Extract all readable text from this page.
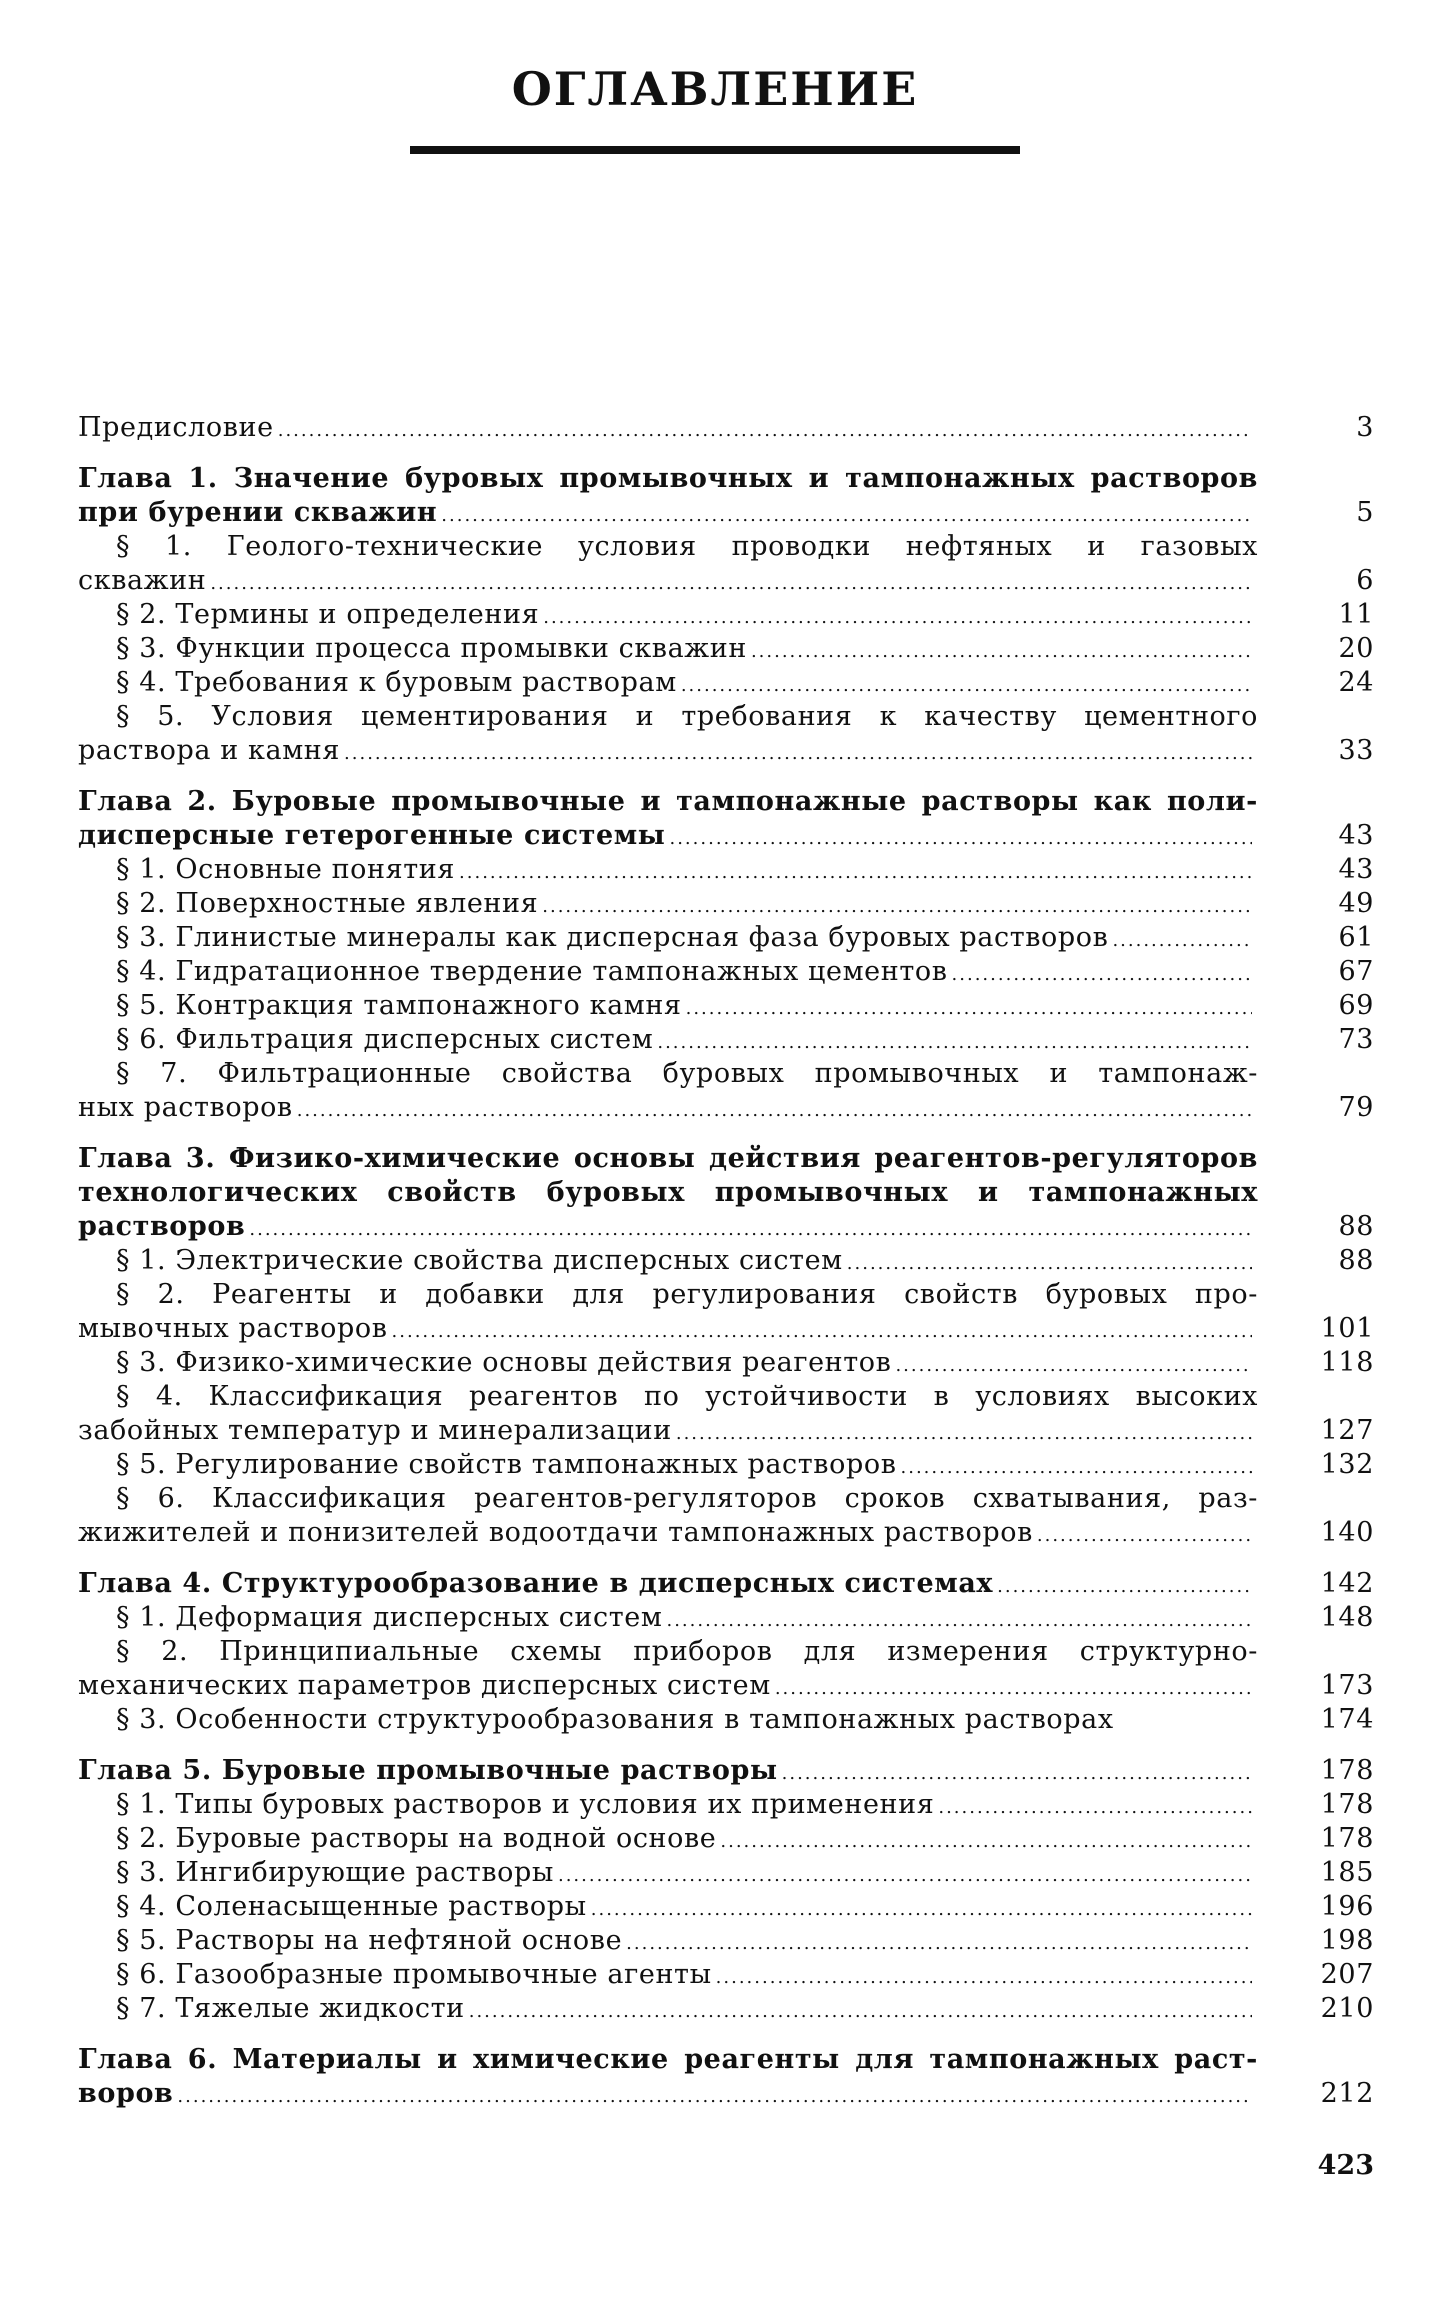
ОГЛАВЛЕНИЕ
Предисловие .....	3
Глава 1. Значение буровых промывочных и тампонажных растворов
при бурении скважин .....	5
§ 1. Геолого-технические условия проводки нефтяных и газовых
скважин .....	6
§ 2. Термины и определения .....	11
§ 3. Функции процесса промывки скважин .....	20
§ 4. Требования к буровым растворам .....	24
§ 5. Условия цементирования и требования к качеству цементного
раствора и камня .....	33
Глава 2. Буровые промывочные и тампонажные растворы как поли-
дисперсные гетерогенные системы .....	43
§ 1. Основные понятия .....	43
§ 2. Поверхностные явления .....	49
§ 3. Глинистые минералы как дисперсная фаза буровых растворов .....	61
§ 4. Гидратационное твердение тампонажных цементов .....	67
§ 5. Контракция тампонажного камня .....	69
§ 6. Фильтрация дисперсных систем .....	73
§ 7. Фильтрационные свойства буровых промывочных и тампонаж-
ных растворов .....	79
Глава 3. Физико-химические основы действия реагентов-регуляторов
технологических свойств буровых промывочных и тампонажных
растворов .....	88
§ 1. Электрические свойства дисперсных систем .....	88
§ 2. Реагенты и добавки для регулирования свойств буровых про-
мывочных растворов .....	101
§ 3. Физико-химические основы действия реагентов .....	118
§ 4. Классификация реагентов по устойчивости в условиях высоких
забойных температур и минерализации .....	127
§ 5. Регулирование свойств тампонажных растворов .....	132
§ 6. Классификация реагентов-регуляторов сроков схватывания, раз-
жижителей и понизителей водоотдачи тампонажных растворов .....	140
Глава 4. Структурообразование в дисперсных системах .....	142
§ 1. Деформация дисперсных систем .....	148
§ 2. Принципиальные схемы приборов для измерения структурно-
механических параметров дисперсных систем .....	173
§ 3. Особенности структурообразования в тампонажных растворах	174
Глава 5. Буровые промывочные растворы .....	178
§ 1. Типы буровых растворов и условия их применения .....	178
§ 2. Буровые растворы на водной основе .....	178
§ 3. Ингибирующие растворы .....	185
§ 4. Соленасыщенные растворы .....	196
§ 5. Растворы на нефтяной основе .....	198
§ 6. Газообразные промывочные агенты .....	207
§ 7. Тяжелые жидкости .....	210
Глава 6. Материалы и химические реагенты для тампонажных раст-
воров .....	212
423
